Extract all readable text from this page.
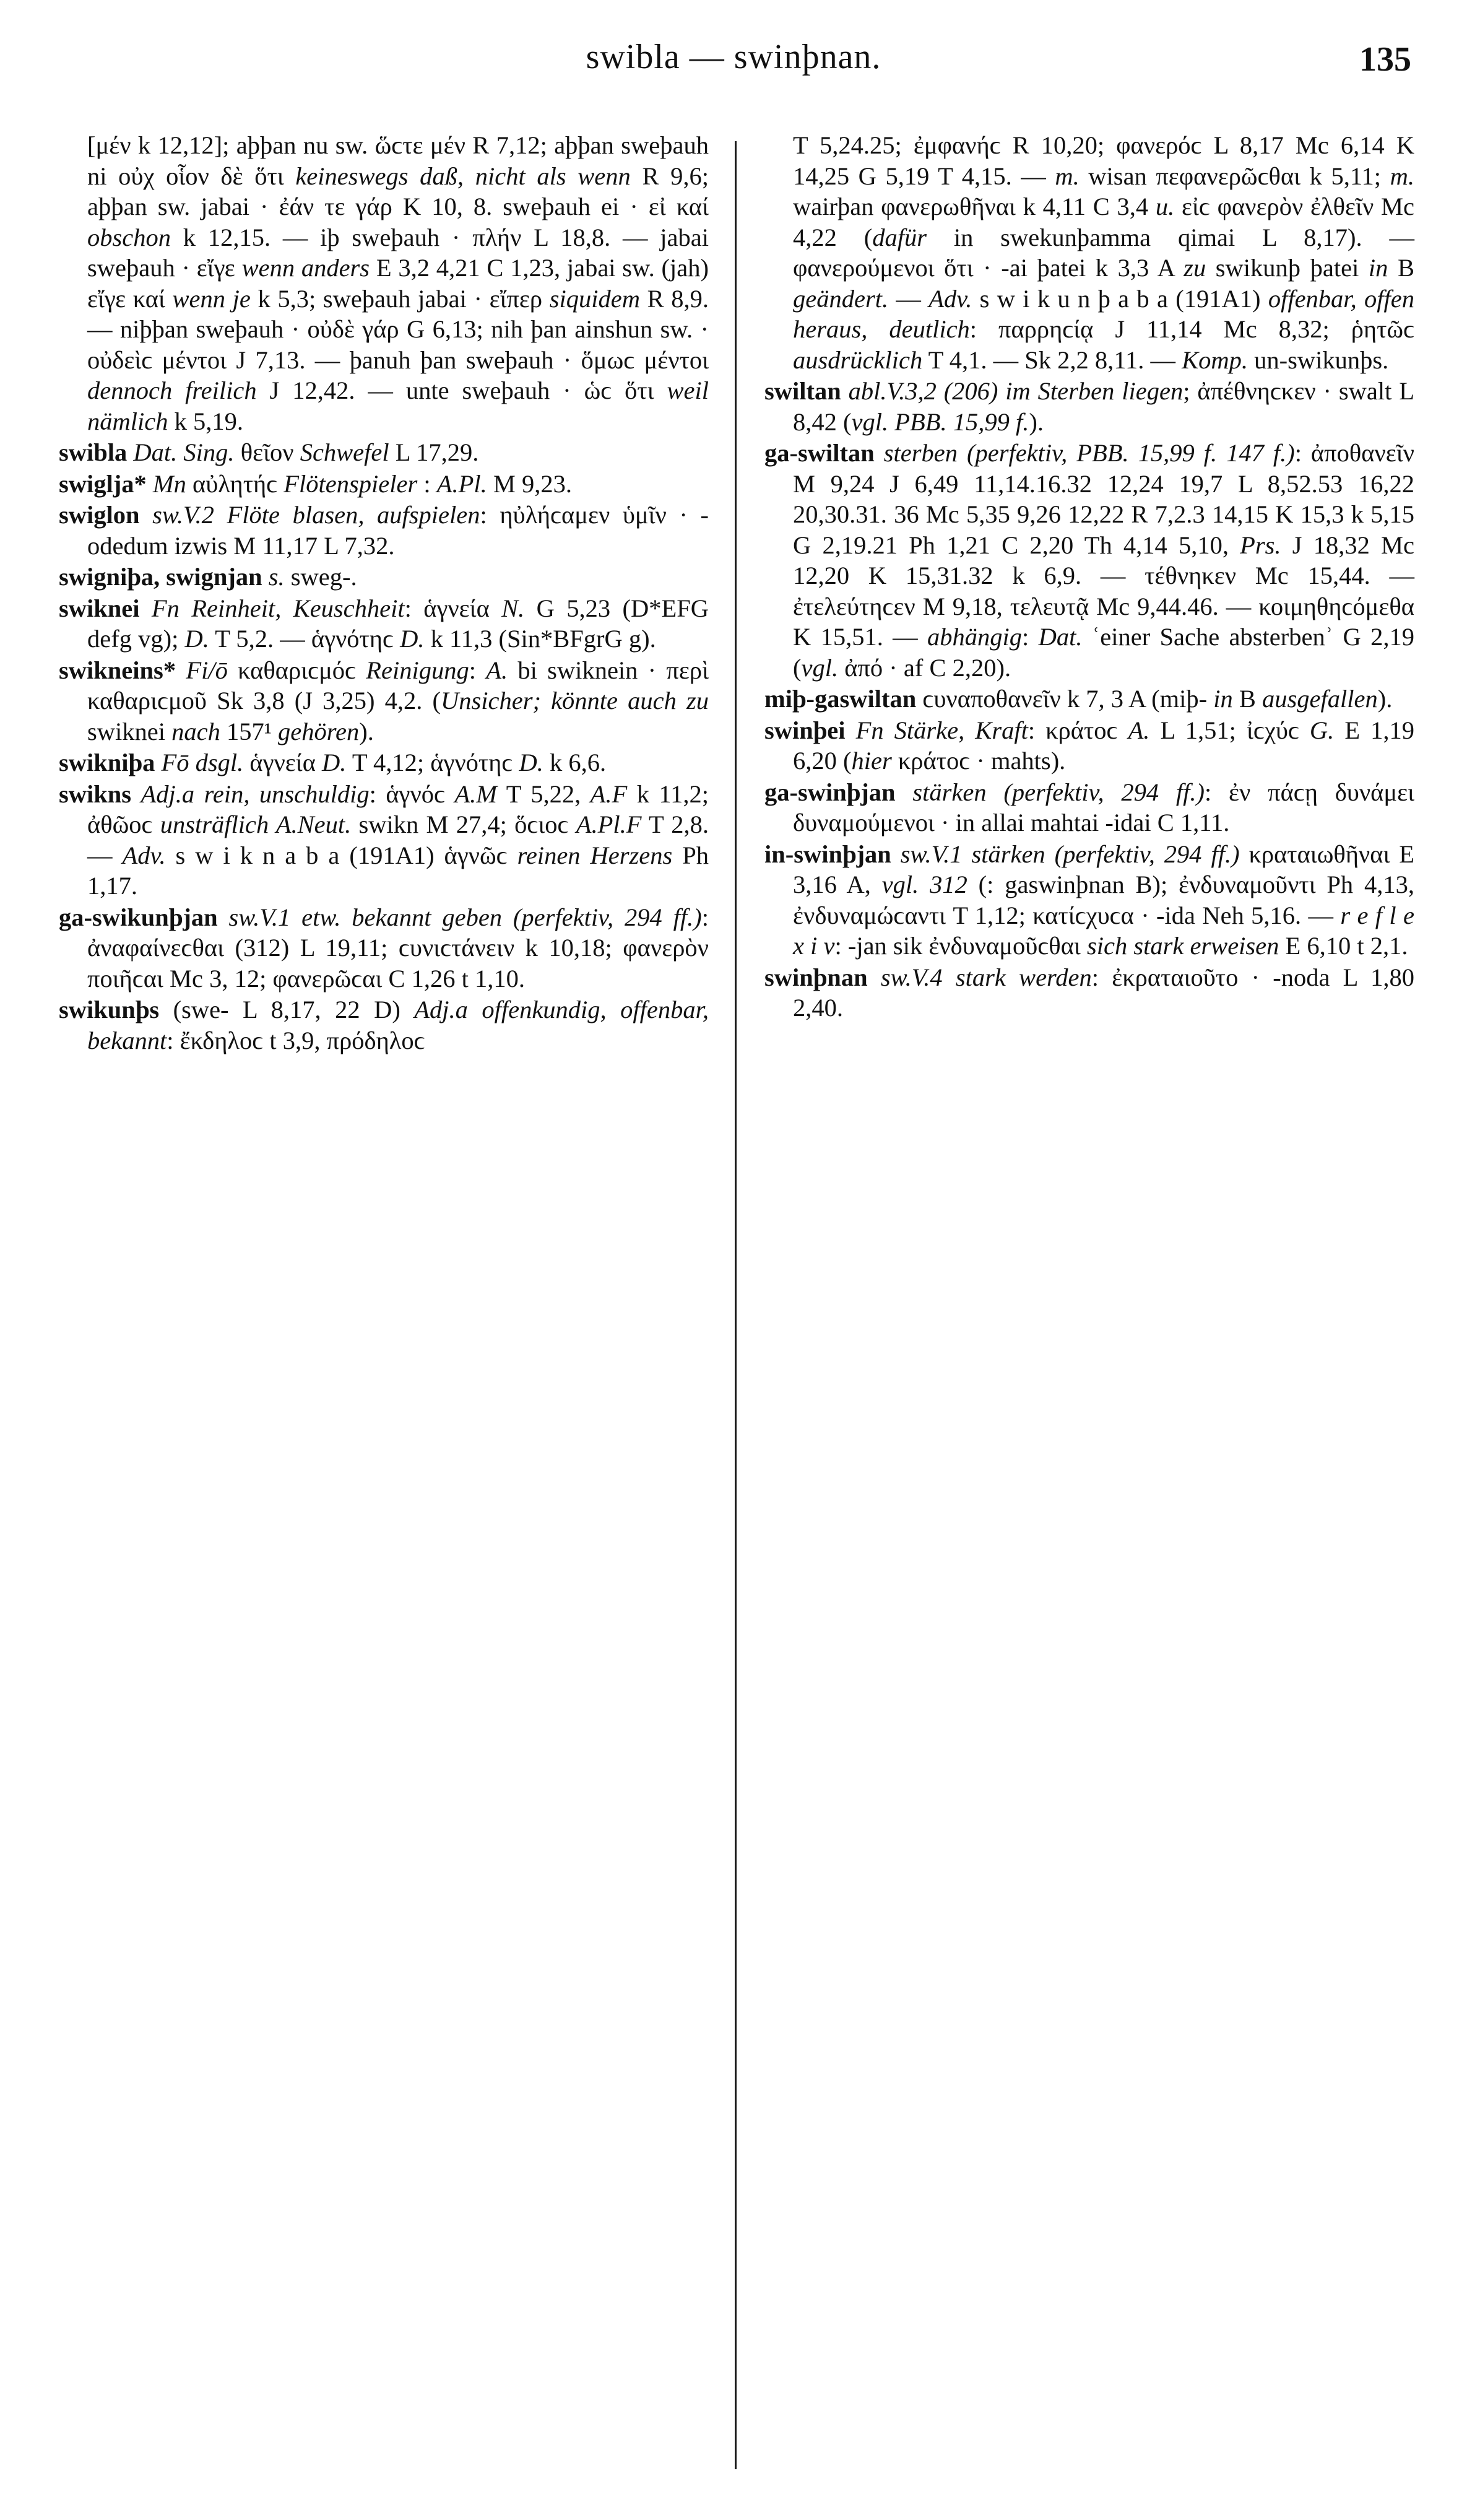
swibla — swinþnan.	135
[μέν k 12,12]; aþþan nu sw. ὥϲτε μέν R 7,12; aþþan sweþauh ni οὐχ οἷον δὲ ὅτι keineswegs daß, nicht als wenn R 9,6; aþþan sw. jabai · ἐάν τε γάρ K 10, 8. sweþauh ei · εἰ καί obschon k 12,15. — iþ sweþauh · πλήν L 18,8. — jabai sweþauh · εἴγε wenn anders E 3,2 4,21 C 1,23, jabai sw. (jah) εἴγε καί wenn je k 5,3; sweþauh jabai · εἴπερ siquidem R 8,9. — niþþan sweþauh · οὐδὲ γάρ G 6,13; nih þan ainshun sw. · οὐδεὶϲ μέντοι J 7,13. — þanuh þan sweþauh · ὅμωϲ μέντοι dennoch freilich J 12,42. — unte sweþauh · ὡϲ ὅτι weil nämlich k 5,19.
swibla Dat. Sing. θεῖον Schwefel L 17,29.
swiglja* Mn αὐλητήϲ Flötenspieler : A.Pl. M 9,23.
swiglon sw.V.2 Flöte blasen, aufspielen: ηὐλήϲαμεν ὑμῖν · -odedum izwis M 11,17 L 7,32.
swigniþa, swignjan s. sweg-.
swiknei Fn Reinheit, Keuschheit: ἁγνεία N. G 5,23 (D*EFG defg vg); D. T 5,2. — ἁγνότηϲ D. k 11,3 (Sin*BFgrG g).
swikneins* Fi/ō καθαριϲμόϲ Reinigung: A. bi swiknein · περὶ καθαριϲμοῦ Sk 3,8 (J 3,25) 4,2. (Unsicher; könnte auch zu swiknei nach 157¹ gehören).
swikniþa Fō dsgl. ἁγνεία D. T 4,12; ἁγνότηϲ D. k 6,6.
swikns Adj.a rein, unschuldig: ἁγνόϲ A.M T 5,22, A.F k 11,2; ἀθῶοϲ unsträflich A.Neut. swikn M 27,4; ὅϲιοϲ A.Pl.F T 2,8. — Adv. s w i k n a b a (191A1) ἁγνῶϲ reinen Herzens Ph 1,17.
ga-swikunþjan sw.V.1 etw. bekannt geben (perfektiv, 294 ff.): ἀναφαίνεϲθαι (312) L 19,11; ϲυνιϲτάνειν k 10,18; φανερὸν ποιῆϲαι Mc 3, 12; φανερῶϲαι C 1,26 t 1,10.
swikunþs (swe- L 8,17, 22 D) Adj.a offenkundig, offenbar, bekannt: ἔκδηλοϲ t 3,9, πρόδηλοϲ
T 5,24.25; ἐμφανήϲ R 10,20; φανερόϲ L 8,17 Mc 6,14 K 14,25 G 5,19 T 4,15. — m. wisan πεφανερῶϲθαι k 5,11; m. wairþan φανερωθῆναι k 4,11 C 3,4 u. εἰϲ φανερὸν ἐλθεῖν Mc 4,22 (dafür in swekunþamma qimai L 8,17). — φανερούμενοι ὅτι · -ai þatei k 3,3 A zu swikunþ þatei in B geändert. — Adv. s w i k u n þ a b a (191A1) offenbar, offen heraus, deutlich: παρρηϲίᾳ J 11,14 Mc 8,32; ῥητῶϲ ausdrücklich T 4,1. — Sk 2,2 8,11. — Komp. un-swikunþs.
swiltan abl.V.3,2 (206) im Sterben liegen; ἀπέθνηϲκεν · swalt L 8,42 (vgl. PBB. 15,99 f.).
ga-swiltan sterben (perfektiv, PBB. 15,99 f. 147 f.): ἀποθανεῖν M 9,24 J 6,49 11,14.16.32 12,24 19,7 L 8,52.53 16,22 20,30.31. 36 Mc 5,35 9,26 12,22 R 7,2.3 14,15 K 15,3 k 5,15 G 2,19.21 Ph 1,21 C 2,20 Th 4,14 5,10, Prs. J 18,32 Mc 12,20 K 15,31.32 k 6,9. — τέθνηκεν Mc 15,44. — ἐτελεύτηϲεν M 9,18, τελευτᾷ Mc 9,44.46. — κοιμηθηϲόμεθα K 15,51. — abhängig: Dat. ʿeiner Sache absterbenʾ G 2,19 (vgl. ἀπό · af C 2,20).
miþ-gaswiltan ϲυναποθανεῖν k 7, 3 A (miþ- in B ausgefallen).
swinþei Fn Stärke, Kraft: κράτοϲ A. L 1,51; ἰϲχύϲ G. E 1,19 6,20 (hier κράτοϲ · mahts).
ga-swinþjan stärken (perfektiv, 294 ff.): ἐν πάϲῃ δυνάμει δυναμούμενοι · in allai mahtai -idai C 1,11.
in-swinþjan sw.V.1 stärken (perfektiv, 294 ff.) κραταιωθῆναι E 3,16 A, vgl. 312 (: gaswinþnan B); ἐνδυναμοῦντι Ph 4,13, ἐνδυναμώϲαντι T 1,12; κατίϲχυϲα · -ida Neh 5,16. — r e f l e x i v: -jan sik ἐνδυναμοῦϲθαι sich stark erweisen E 6,10 t 2,1.
swinþnan sw.V.4 stark werden: ἐκραταιοῦτο · -noda L 1,80 2,40.
